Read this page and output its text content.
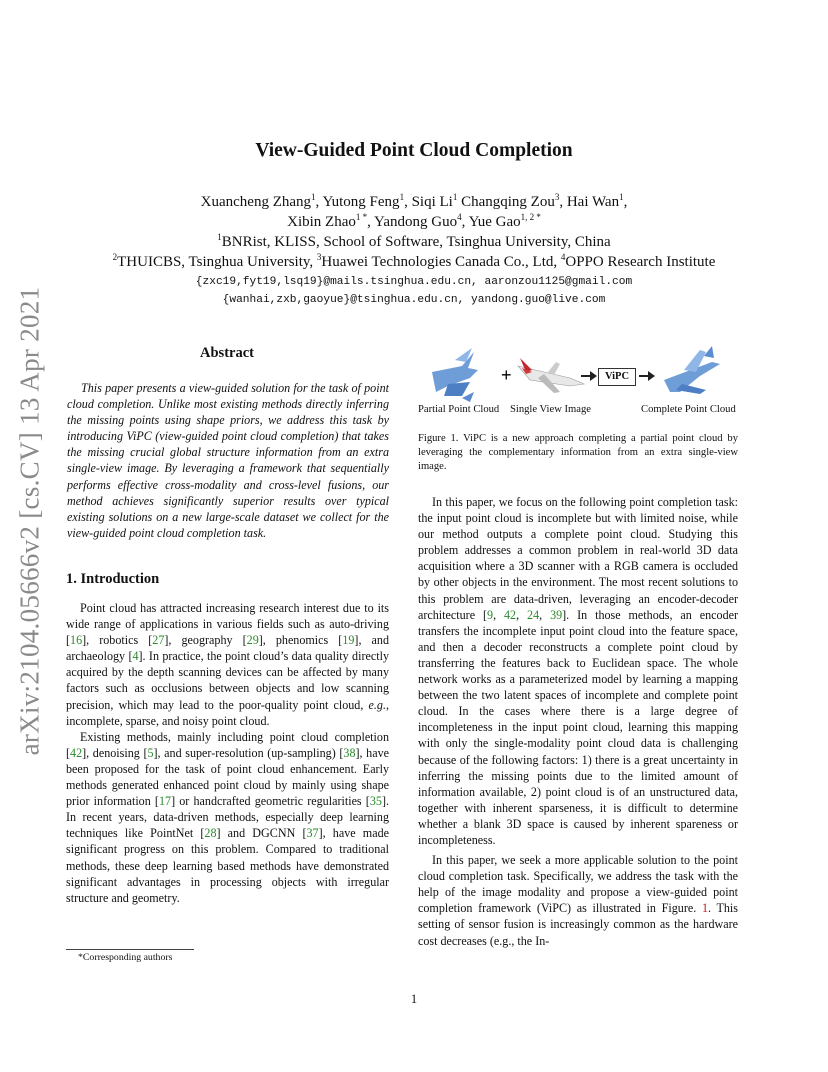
arXiv:2104.05666v2 [cs.CV] 13 Apr 2021
View-Guided Point Cloud Completion
Xuancheng Zhang$^1$, Yutong Feng$^1$, Siqi Li$^1$ Changqing Zou$^3$, Hai Wan$^1$,
Xibin Zhao$^{1 *}$, Yandong Guo$^4$, Yue Gao$^{1, 2 *}$
$^1$BNRist, KLISS, School of Software, Tsinghua University, China
$^2$THUICBS, Tsinghua University, $^3$Huawei Technologies Canada Co., Ltd, $^4$OPPO Research Institute
{zxc19,fyt19,lsq19}@mails.tsinghua.edu.cn, aaronzou1125@gmail.com
{wanhai,zxb,gaoyue}@tsinghua.edu.cn, yandong.guo@live.com
Abstract

This paper presents a view-guided solution for the task of point cloud completion. Unlike most existing methods directly inferring the missing points using shape priors, we address this task by introducing ViPC (view-guided point cloud completion) that takes the missing crucial global structure information from an extra single-view image. By leveraging a framework that sequentially performs effective cross-modality and cross-level fusions, our method achieves significantly superior results over typical existing solutions on a new large-scale dataset we collect for the view-guided point cloud completion task.

1. Introduction

Point cloud has attracted increasing research interest due to its wide range of applications in various fields such as auto-driving [16], robotics [27], geography [29], phenomics [19], and archaeology [4]. In practice, the point cloud’s data quality directly acquired by the depth scanning devices can be affected by many factors such as occlusions between objects and low scanning precision, which may lead to the poor-quality point cloud, e.g., incomplete, sparse, and noisy point cloud.

Existing methods, mainly including point cloud completion [42], denoising [5], and super-resolution (up-sampling) [38], have been proposed for the task of point cloud enhancement. Early methods generated enhanced point cloud by mainly using shape prior information [17] or handcrafted geometric regularities [35]. In recent years, data-driven methods, especially deep learning techniques like PointNet [28] and DGCNN [37], have made significant progress on this problem. Compared to traditional methods, these deep learning based methods have demonstrated significant advantages in processing objects with irregular structure and geometry.

+	ViPC
Partial Point Cloud Single View Image	Complete Point Cloud
Figure 1. ViPC is a new approach completing a partial point cloud by leveraging the complementary information from an extra single-view image.

In this paper, we focus on the following point completion task: the input point cloud is incomplete but with limited noise, while our method outputs a complete point cloud. Studying this problem addresses a common problem in real-world 3D data acquisition where a 3D scanner with a RGB camera is occluded by other objects in the environment. The most recent solutions to this problem are data-driven, leveraging an encoder-decoder architecture [9, 42, 24, 39]. In those methods, an encoder transfers the incomplete input point cloud into the feature space, and then a decoder reconstructs a complete point cloud by transferring the features back to Euclidean space. The whole network works as a parameterized model by learning a mapping between the two latent spaces of incomplete and complete point cloud. In the cases where there is a large degree of incompleteness in the input point cloud, learning this mapping with only the single-modality point cloud data is challenging because of the following factors: 1) there is a great uncertainty in inferring the missing points due to the limited amount of information available, 2) point cloud is of an unstructured data, together with inherent sparseness, it is difficult to determine whether a blank 3D space is caused by inherent spareness or incompleteness.

In this paper, we seek a more applicable solution to the point cloud completion task. Specifically, we address the task with the help of the image modality and propose a view-guided point completion framework (ViPC) as illustrated in Figure. 1. This setting of sensor fusion is increasingly common as the hardware cost decreases (e.g., the In-

*Corresponding authors
1
